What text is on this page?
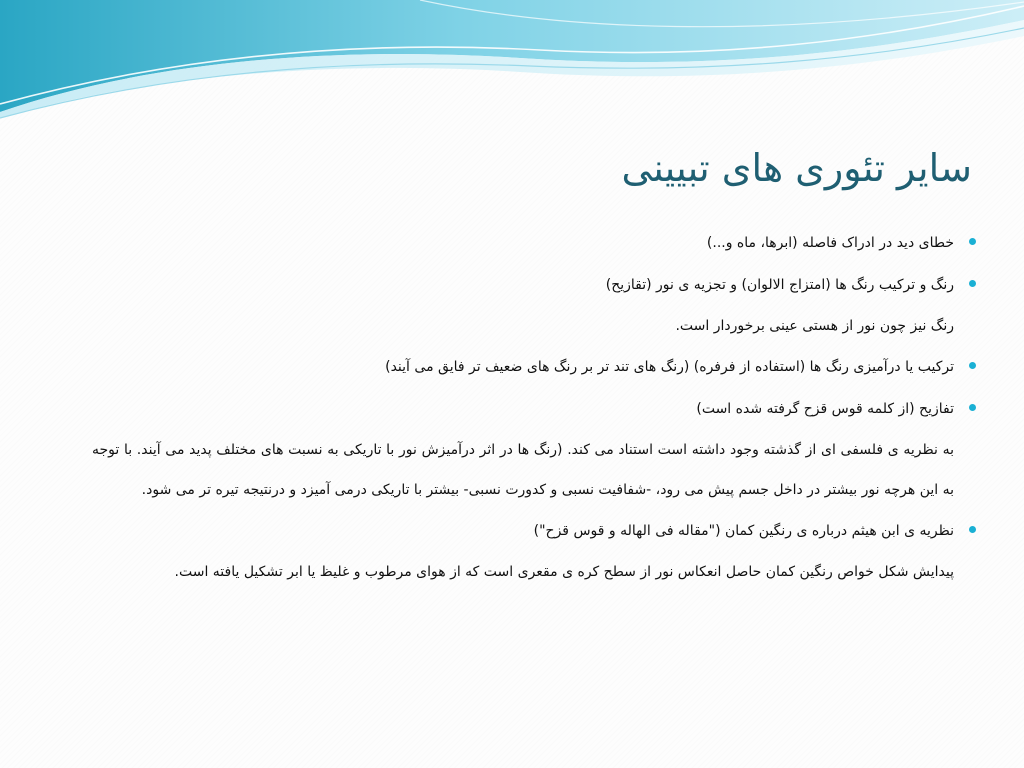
سایر تئوری های تبیینی

خطای دید در ادراک فاصله (ابرها، ماه و...)

رنگ و ترکیب رنگ ها (امتزاج الالوان) و تجزیه ی نور (تقازیح)

رنگ نیز چون نور از هستی عینی برخوردار است.

ترکیب یا درآمیزی رنگ ها (استفاده از فرفره) (رنگ های تند تر بر رنگ های ضعیف تر فایق می آیند)

تفازیح (از کلمه قوس قزح گرفته شده است)

به نظریه ی فلسفی ای از گذشته وجود داشته است استناد می کند. (رنگ ها در اثر درآمیزش نور با تاریکی به نسبت های مختلف پدید می آیند. با توجه به این هرچه نور بیشتر در داخل جسم پیش می رود، -شفافیت نسبی و کدورت نسبی- بیشتر با تاریکی درمی آمیزد و درنتیجه تیره تر می شود.

نظریه ی ابن هیثم درباره ی رنگین کمان ("مقاله فی الهاله و قوس قزح")

پیدایش شکل خواص رنگین کمان حاصل انعکاس نور از سطح کره ی مقعری است که از هوای مرطوب و غلیظ یا ابر تشکیل یافته است.
